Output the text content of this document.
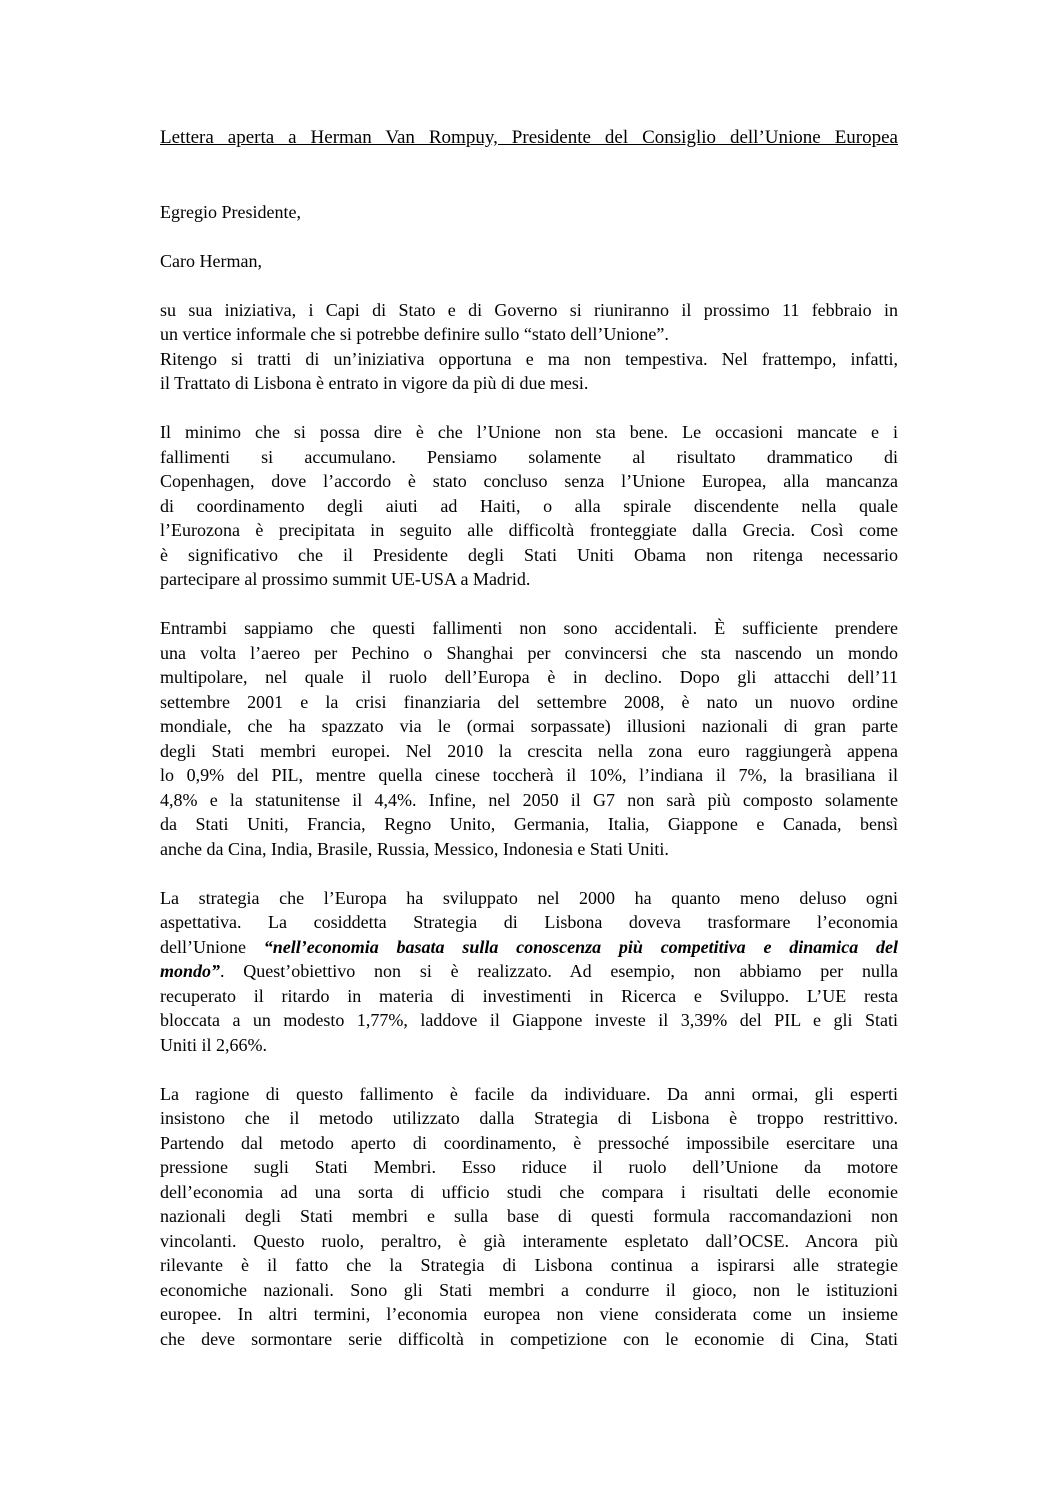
Lettera aperta a Herman Van Rompuy, Presidente del Consiglio dell’Unione Europea

Egregio Presidente,

Caro Herman,

su sua iniziativa, i Capi di Stato e di Governo si riuniranno il prossimo 11 febbraio in
un vertice informale che si potrebbe definire sullo “stato dell’Unione”.
Ritengo si tratti di un’iniziativa opportuna e ma non tempestiva. Nel frattempo, infatti,
il Trattato di Lisbona è entrato in vigore da più di due mesi.
Il minimo che si possa dire è che l’Unione non sta bene. Le occasioni mancate e i
fallimenti si accumulano. Pensiamo solamente al risultato drammatico di
Copenhagen, dove l’accordo è stato concluso senza l’Unione Europea, alla mancanza
di coordinamento degli aiuti ad Haiti, o alla spirale discendente nella quale
l’Eurozona è precipitata in seguito alle difficoltà fronteggiate dalla Grecia. Così come
è significativo che il Presidente degli Stati Uniti Obama non ritenga necessario
partecipare al prossimo summit UE-USA a Madrid.
Entrambi sappiamo che questi fallimenti non sono accidentali. È sufficiente prendere
una volta l’aereo per Pechino o Shanghai per convincersi che sta nascendo un mondo
multipolare, nel quale il ruolo dell’Europa è in declino. Dopo gli attacchi dell’11
settembre 2001 e la crisi finanziaria del settembre 2008, è nato un nuovo ordine
mondiale, che ha spazzato via le (ormai sorpassate) illusioni nazionali di gran parte
degli Stati membri europei. Nel 2010 la crescita nella zona euro raggiungerà appena
lo 0,9% del PIL, mentre quella cinese toccherà il 10%, l’indiana il 7%, la brasiliana il
4,8% e la statunitense il 4,4%. Infine, nel 2050 il G7 non sarà più composto solamente
da Stati Uniti, Francia, Regno Unito, Germania, Italia, Giappone e Canada, bensì
anche da Cina, India, Brasile, Russia, Messico, Indonesia e Stati Uniti.
La strategia che l’Europa ha sviluppato nel 2000 ha quanto meno deluso ogni
aspettativa. La cosiddetta Strategia di Lisbona doveva trasformare l’economia
dell’Unione “nell’economia basata sulla conoscenza più competitiva e dinamica del
mondo”. Quest’obiettivo non si è realizzato. Ad esempio, non abbiamo per nulla
recuperato il ritardo in materia di investimenti in Ricerca e Sviluppo. L’UE resta
bloccata a un modesto 1,77%, laddove il Giappone investe il 3,39% del PIL e gli Stati
Uniti il 2,66%.
La ragione di questo fallimento è facile da individuare. Da anni ormai, gli esperti
insistono che il metodo utilizzato dalla Strategia di Lisbona è troppo restrittivo.
Partendo dal metodo aperto di coordinamento, è pressoché impossibile esercitare una
pressione sugli Stati Membri. Esso riduce il ruolo dell’Unione da motore
dell’economia ad una sorta di ufficio studi che compara i risultati delle economie
nazionali degli Stati membri e sulla base di questi formula raccomandazioni non
vincolanti. Questo ruolo, peraltro, è già interamente espletato dall’OCSE. Ancora più
rilevante è il fatto che la Strategia di Lisbona continua a ispirarsi alle strategie
economiche nazionali. Sono gli Stati membri a condurre il gioco, non le istituzioni
europee. In altri termini, l’economia europea non viene considerata come un insieme
che deve sormontare serie difficoltà in competizione con le economie di Cina, Stati
